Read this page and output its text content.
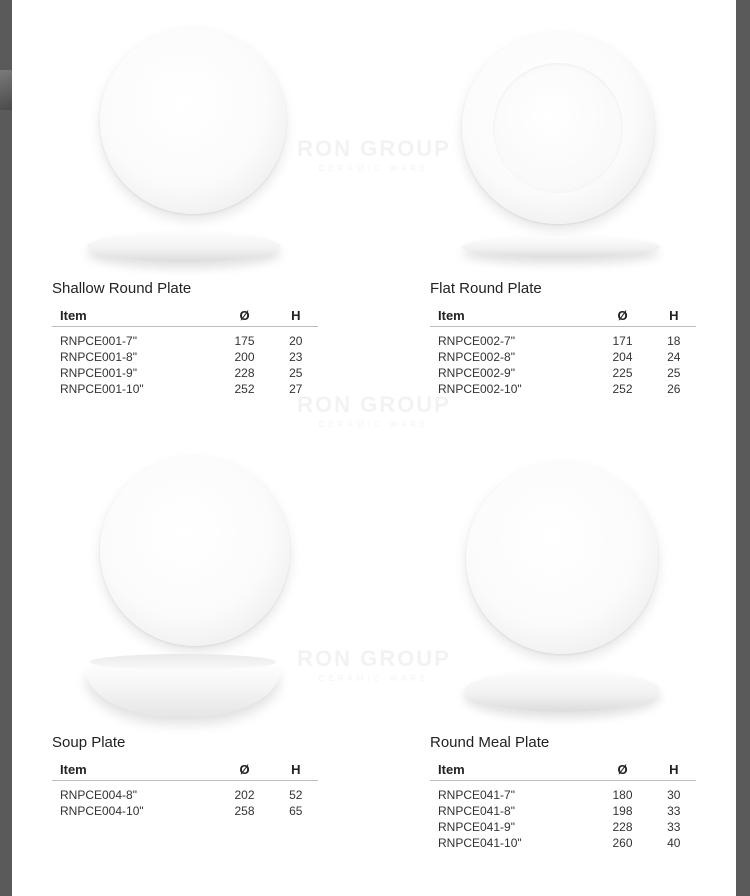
RON GROUP
CERAMIC WARE
RON GROUP
CERAMIC WARE
RON GROUP
CERAMIC WARE
Shallow Round Plate
Item	Ø	H
RNPCE001-7"	175	20
RNPCE001-8"	200	23
RNPCE001-9"	228	25
RNPCE001-10"	252	27
Flat Round Plate
Item	Ø	H
RNPCE002-7"	171	18
RNPCE002-8"	204	24
RNPCE002-9"	225	25
RNPCE002-10"	252	26
Soup Plate
Item	Ø	H
RNPCE004-8"	202	52
RNPCE004-10"	258	65
Round Meal Plate
Item	Ø	H
RNPCE041-7"	180	30
RNPCE041-8"	198	33
RNPCE041-9"	228	33
RNPCE041-10"	260	40
